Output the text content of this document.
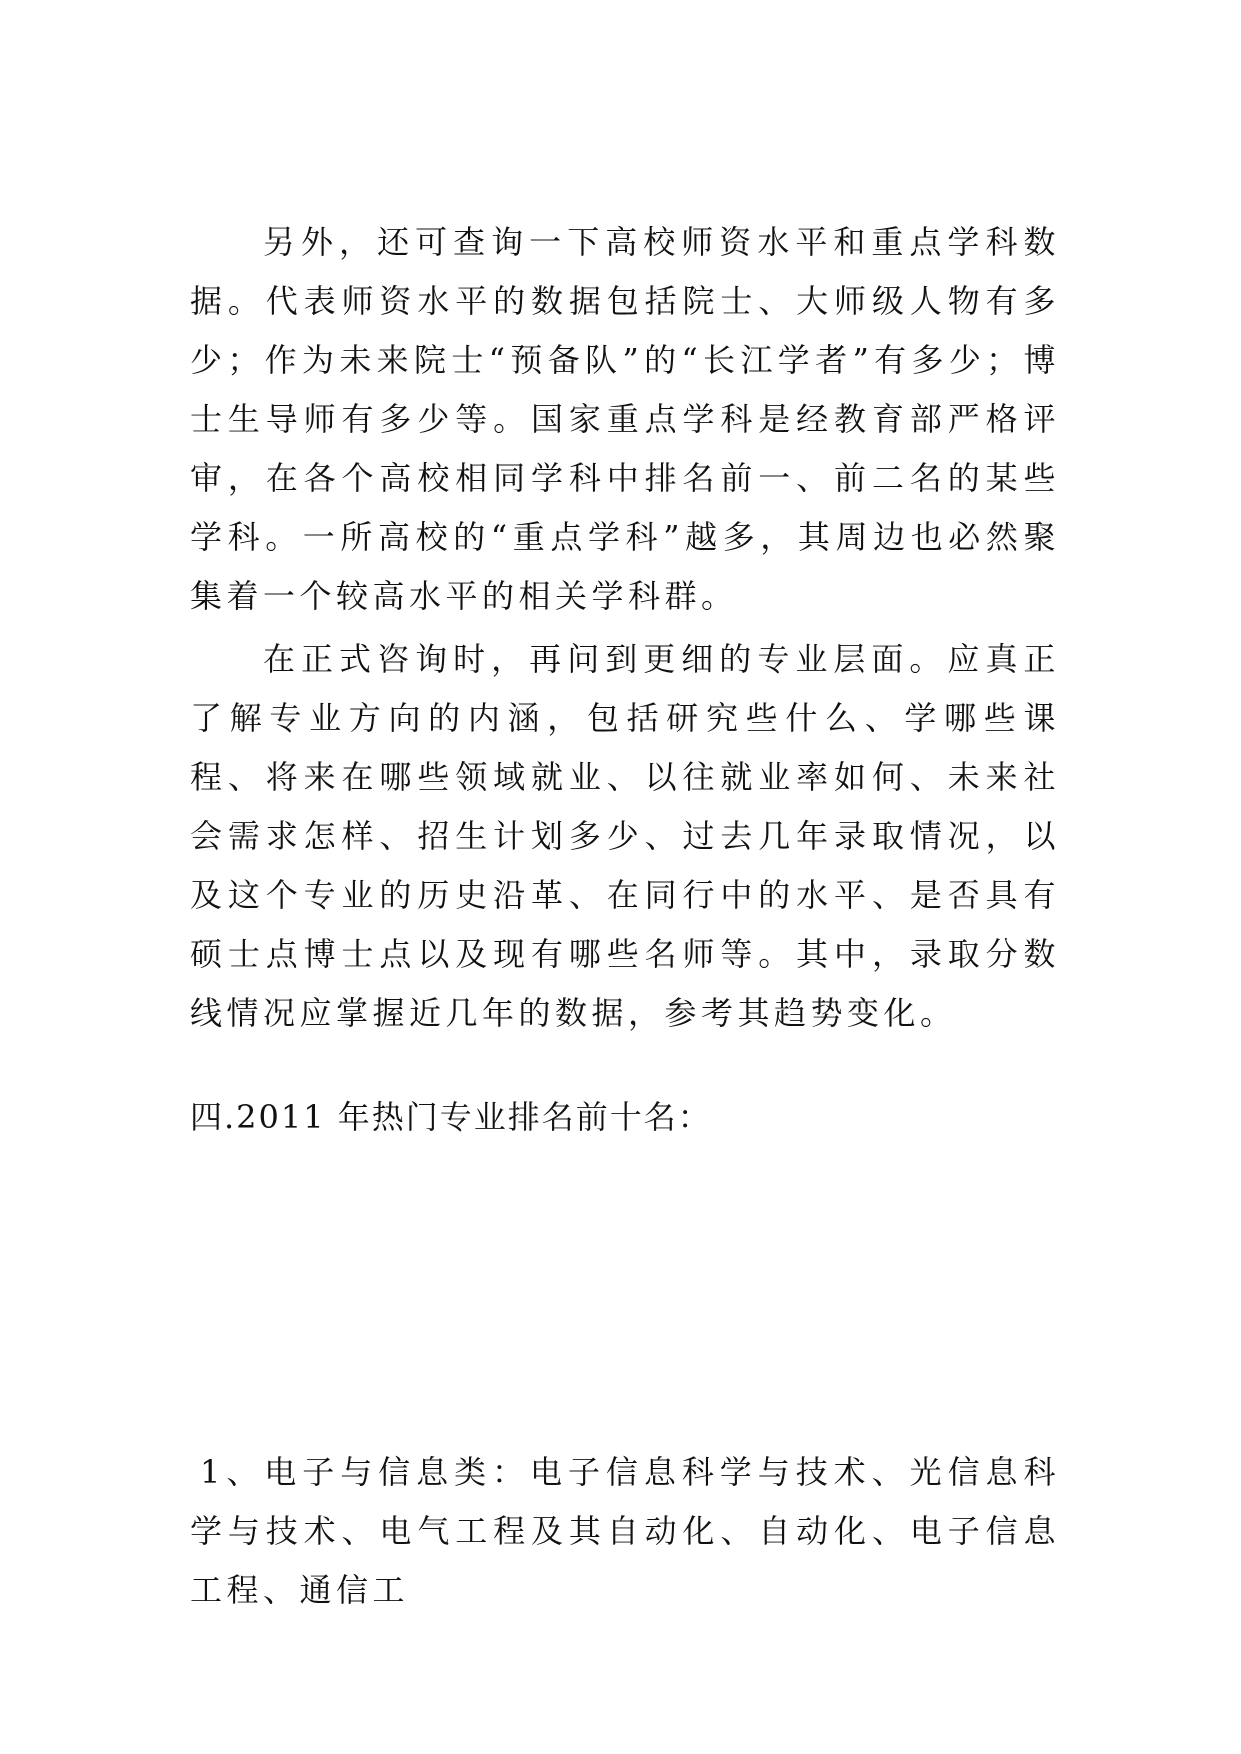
另外，还可查询一下高校师资水平和重点学科数据。代表师资水平的数据包括院士、大师级人物有多少；作为未来院士“预备队”的“长江学者”有多少；博士生导师有多少等。国家重点学科是经教育部严格评审，在各个高校相同学科中排名前一、前二名的某些学科。一所高校的“重点学科”越多，其周边也必然聚集着一个较高水平的相关学科群。

在正式咨询时，再问到更细的专业层面。应真正了解专业方向的内涵，包括研究些什么、学哪些课程、将来在哪些领域就业、以往就业率如何、未来社会需求怎样、招生计划多少、过去几年录取情况，以及这个专业的历史沿革、在同行中的水平、是否具有硕士点博士点以及现有哪些名师等。其中，录取分数线情况应掌握近几年的数据，参考其趋势变化。

四.2011 年热门专业排名前十名：

1、电子与信息类：电子信息科学与技术、光信息科学与技术、电气工程及其自动化、自动化、电子信息工程、通信工
